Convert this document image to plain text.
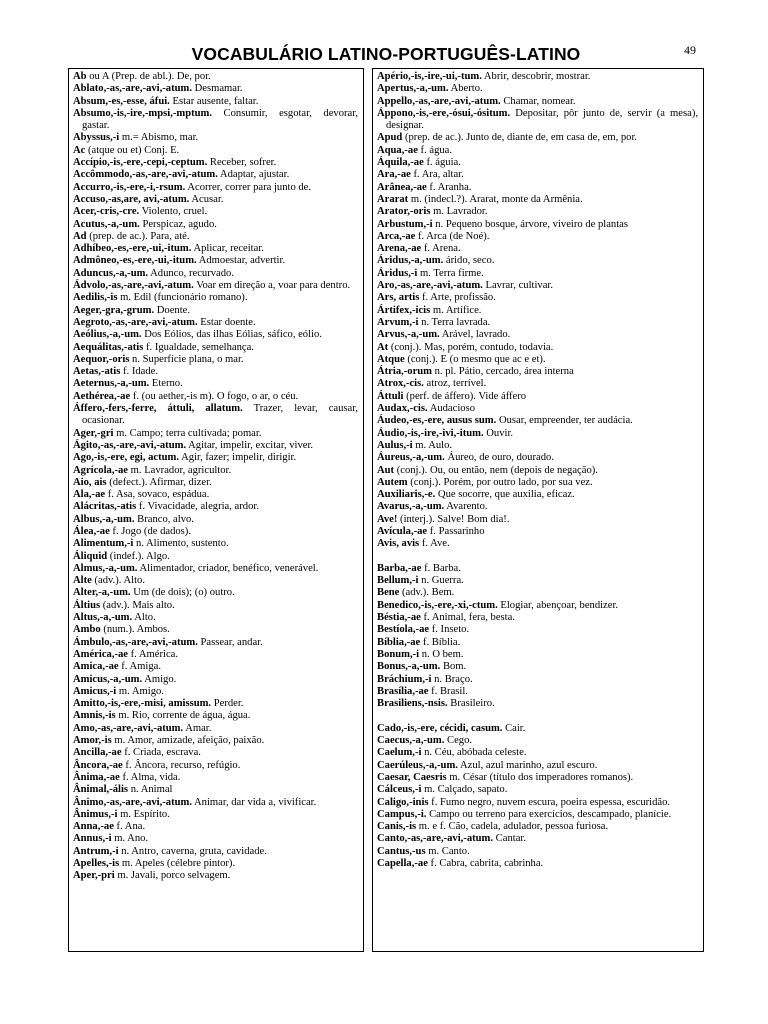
VOCABULÁRIO LATINO-PORTUGUÊS-LATINO	49

Ab ou A (Prep. de abl.). De, por.

Ablato,-as,-are,-avi,-atum. Desmamar.

Absum,-es,-esse, áfui. Estar ausente, faltar.

Absumo,-is,-ire,-mpsi,-mptum. Consumir, esgotar, devorar, gastar.

Abyssus,-i m.= Abismo, mar.

Ac (atque ou et) Conj. E.

Accípio,-is,-ere,-cepi,-ceptum. Receber, sofrer.

Accômmodo,-as,-are,-avi,-atum. Adaptar, ajustar.

Accurro,-is,-ere,-i,-rsum. Acorrer, correr para junto de.

Accuso,-as,are, avi,-atum. Acusar.

Acer,-cris,-cre. Violento, cruel.

Acutus,-a,-um. Perspicaz, agudo.

Ad (prep. de ac.). Para, até.

Adhíbeo,-es,-ere,-ui,-itum. Aplicar, receitar.

Admôneo,-es,-ere,-ui,-itum. Admoestar, advertir.

Aduncus,-a,-um. Adunco, recurvado.

Ádvolo,-as,-are,-avi,-atum. Voar em direção a, voar para dentro.

Aedilis,-is m. Edil (funcionário romano).

Aeger,-gra,-grum. Doente.

Aegroto,-as,-are,-avi,-atum. Estar doente.

Aeólius,-a,-um. Dos Eólios, das ilhas Eólias, sáfico, eólio.

Aequálitas,-atis f. Igualdade, semelhança.

Aequor,-oris n. Superfície plana, o mar.

Aetas,-atis f. Idade.

Aeternus,-a,-um. Eterno.

Aethérea,-ae f. (ou aether,-is m). O fogo, o ar, o céu.

Áffero,-fers,-ferre, áttuli, allatum. Trazer, levar, causar, ocasionar.

Ager,-gri m. Campo; terra cultivada; pomar.

Ágito,-as,-are,-avi,-atum. Agitar, impelir, excitar, viver.

Ago,-is,-ere, egi, actum. Agir, fazer; impelir, dirigir.

Agrícola,-ae m. Lavrador, agricultor.

Aio, ais (defect.). Afirmar, dizer.

Ala,-ae f. Asa, sovaco, espádua.

Alácritas,-atis f. Vivacidade, alegria, ardor.

Albus,-a,-um. Branco, alvo.

Álea,-ae f. Jogo (de dados).

Alimentum,-i n. Alimento, sustento.

Áliquid (indef.). Algo.

Almus,-a,-um. Alimentador, criador, benéfico, venerável.

Alte (adv.). Alto.

Alter,-a,-um. Um (de dois); (o) outro.

Áltius (adv.). Mais alto.

Altus,-a,-um. Alto.

Ambo (num.). Ambos.

Ámbulo,-as,-are,-avi,-atum. Passear, andar.

América,-ae f. América.

Amica,-ae f. Amiga.

Amicus,-a,-um. Amigo.

Amicus,-i m. Amigo.

Amitto,-is,-ere,-misi, amissum. Perder.

Amnis,-is m. Rio, corrente de água, água.

Amo,-as,-are,-avi,-atum. Amar.

Amor,-is m. Amor, amizade, afeição, paixão.

Ancilla,-ae f. Criada, escrava.

Âncora,-ae f. Âncora, recurso, refúgio.

Ânima,-ae f. Alma, vida.

Ânimal,-ális n. Animal

Ânimo,-as,-are,-avi,-atum. Animar, dar vida a, vivificar.

Ânimus,-i m. Espírito.

Anna,-ae f. Ana.

Annus,-i m. Ano.

Antrum,-i n. Antro, caverna, gruta, cavidade.

Apelles,-is m. Apeles (célebre pintor).

Aper,-pri m. Javali, porco selvagem.

Apério,-is,-ire,-ui,-tum. Abrir, descobrir, mostrar.

Apertus,-a,-um. Aberto.

Appello,-as,-are,-avi,-atum. Chamar, nomear.

Áppono,-is,-ere,-ósui,-ósitum. Depositar, pôr junto de, servir (a mesa), designar.

Apud (prep. de ac.). Junto de, diante de, em casa de, em, por.

Aqua,-ae f. água.

Áquila,-ae f. águia.

Ara,-ae f. Ara, altar.

Arânea,-ae f. Aranha.

Ararat m. (indecl.?). Ararat, monte da Armênia.

Arator,-oris m. Lavrador.

Arbustum,-i n. Pequeno bosque, árvore, viveiro de plantas

Arca,-ae f. Arca (de Noé).

Arena,-ae f. Arena.

Áridus,-a,-um. árido, seco.

Áridus,-i m. Terra firme.

Aro,-as,-are,-avi,-atum. Lavrar, cultivar.

Ars, artis f. Arte, profissão.

Ártifex,-icis m. Artífice.

Arvum,-i n. Terra lavrada.

Arvus,-a,-um. Arável, lavrado.

At (conj.). Mas, porém, contudo, todavia.

Atque (conj.). E (o mesmo que ac e et).

Átria,-orum n. pl. Pátio, cercado, área interna

Atrox,-cis. atroz, terrível.

Áttuli (perf. de áffero). Vide áffero

Audax,-cis. Audacioso

Áudeo,-es,-ere, ausus sum. Ousar, empreender, ter audácia.

Áudio,-is,-ire,-ivi,-itum. Ouvir.

Aulus,-i m. Aulo.

Áureus,-a,-um. Áureo, de ouro, dourado.

Aut (conj.). Ou, ou então, nem (depois de negação).

Autem (conj.). Porém, por outro lado, por sua vez.

Auxiliaris,-e. Que socorre, que auxilia, eficaz.

Avarus,-a,-um. Avarento.

Ave! (interj.). Salve! Bom dia!.

Avícula,-ae f. Passarinho

Avis, avis f. Ave.

Barba,-ae f. Barba.

Bellum,-i n. Guerra.

Bene (adv.). Bem.

Benedico,-is,-ere,-xi,-ctum. Elogiar, abençoar, bendizer.

Béstia,-ae f. Animal, fera, besta.

Bestíola,-ae f. Inseto.

Bíblia,-ae f. Bíblia.

Bonum,-i n. O bem.

Bonus,-a,-um. Bom.

Bráchium,-i n. Braço.

Brasília,-ae f. Brasil.

Brasiliens,-nsis. Brasileiro.

Cado,-is,-ere, cécidi, casum. Cair.

Caecus,-a,-um. Cego.

Caelum,-i n. Céu, abóbada celeste.

Caerúleus,-a,-um. Azul, azul marinho, azul escuro.

Caesar, Caesris m. César (título dos imperadores romanos).

Cálceus,-i m. Calçado, sapato.

Caligo,-inis f. Fumo negro, nuvem escura, poeira espessa, escuridão.

Campus,-i. Campo ou terreno para exercícios, descampado, planície.

Canis,-is m. e f. Cão, cadela, adulador, pessoa furiosa.

Canto,-as,-are,-avi,-atum. Cantar.

Cantus,-us m. Canto.

Capella,-ae f. Cabra, cabrita, cabrinha.
